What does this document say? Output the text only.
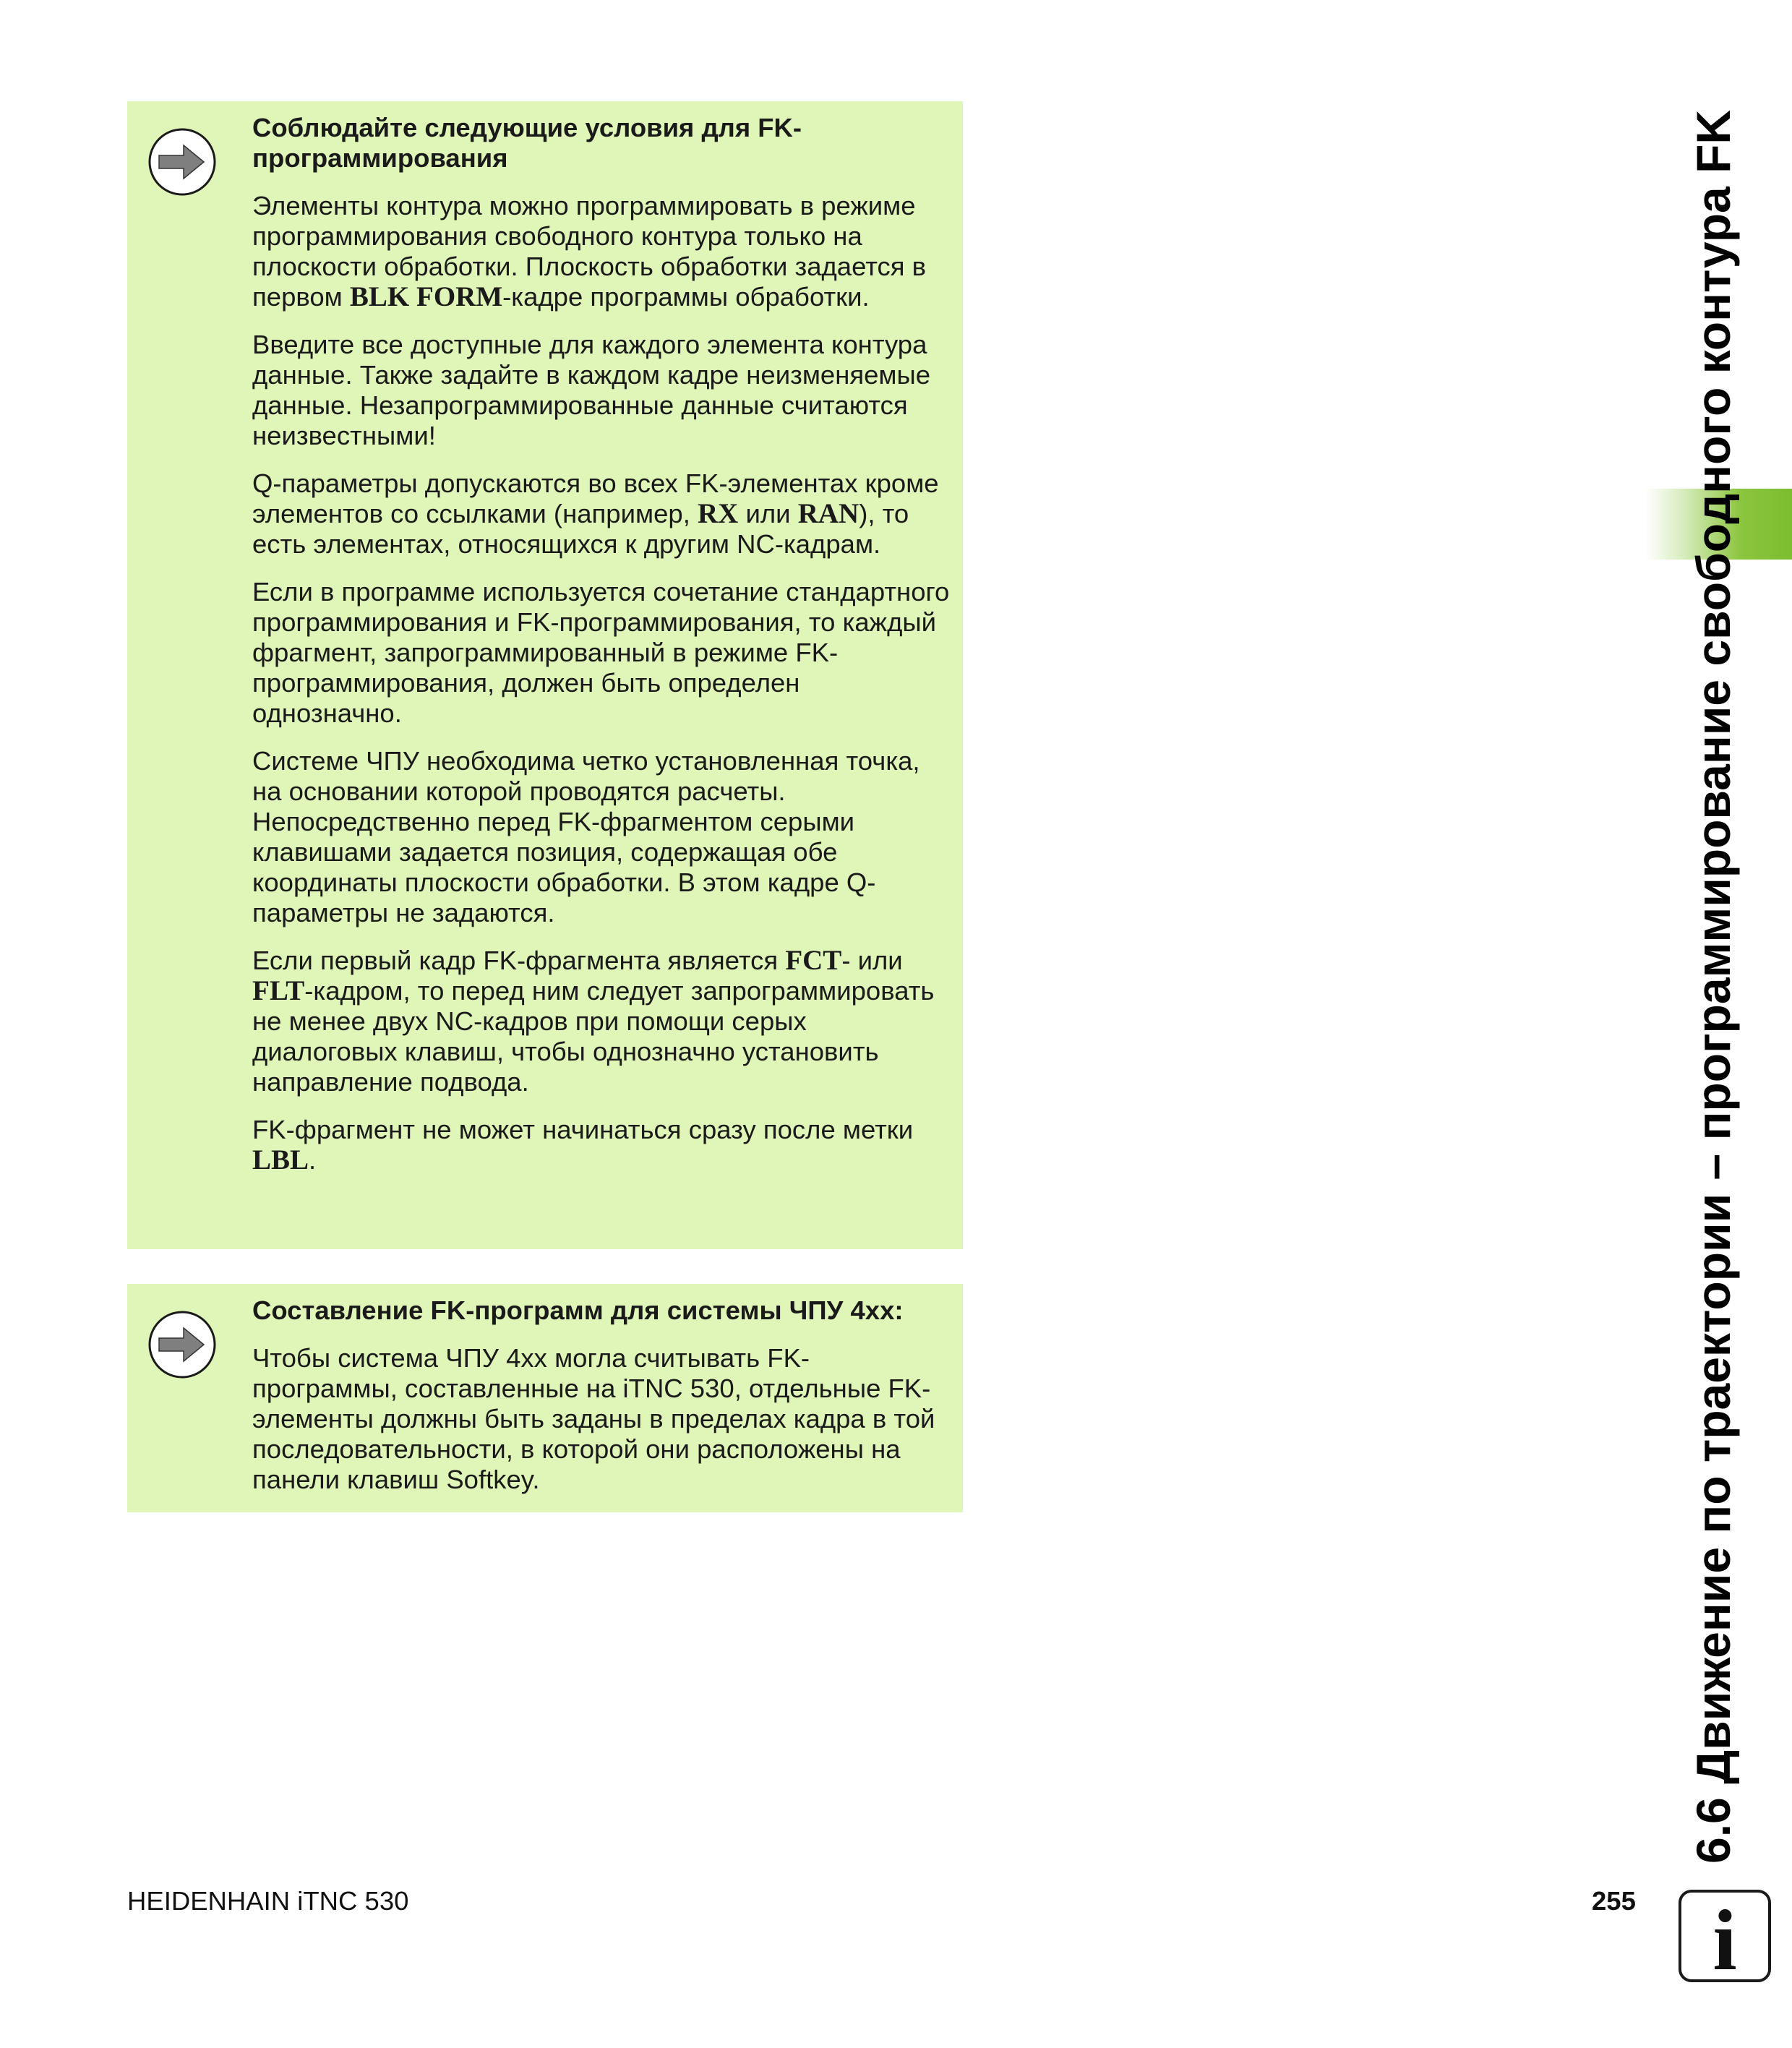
Соблюдайте следующие условия для FK-программирования

Элементы контура можно программировать в режиме программирования свободного контура только на плоскости обработки. Плоскость обработки задается в первом BLK FORM-кадре программы обработки.

Введите все доступные для каждого элемента контура данные. Также задайте в каждом кадре неизменяемые данные. Незапрограммированные данные считаются неизвестными!

Q-параметры допускаются во всех FK-элементах кроме элементов со ссылками (например, RX или RAN), то есть элементах, относящихся к другим NC-кадрам.

Если в программе используется сочетание стандартного программирования и FK-программирования, то каждый фрагмент, запрограммированный в режиме FK-программирования, должен быть определен однозначно.

Системе ЧПУ необходима четко установленная точка, на основании которой проводятся расчеты. Непосредственно перед FK-фрагментом серыми клавишами задается позиция, содержащая обе координаты плоскости обработки. В этом кадре Q-параметры не задаются.

Если первый кадр FK-фрагмента является FCT- или FLT-кадром, то перед ним следует запрограммировать не менее двух NC-кадров при помощи серых диалоговых клавиш, чтобы однозначно установить направление подвода.

FK-фрагмент не может начинаться сразу после метки LBL.

Составление FK-программ для системы ЧПУ 4xx:

Чтобы система ЧПУ 4xx могла считывать FK-программы, составленные на iTNC 530, отдельные FK-элементы должны быть заданы в пределах кадра в той последовательности, в которой они расположены на панели клавиш Softkey.	6.6 Движение по траектории – программирование свободного контура FK
HEIDENHAIN iTNC 530	255 i
